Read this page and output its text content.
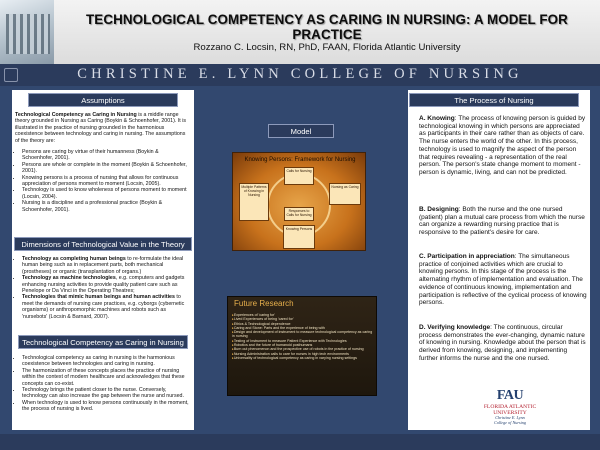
TECHNOLOGICAL COMPETENCY AS CARING IN NURSING: A MODEL FOR PRACTICE
Rozzano C. Locsin, RN, PhD, FAAN, Florida Atlantic University
CHRISTINE E. LYNN COLLEGE OF NURSING
Assumptions
Technological Competency as Caring in Nursing is a middle range theory grounded in Nursing as Caring (Boykin & Schoenhofer, 2001). It is illustrated in the practice of nursing grounded in the harmonious coexistence between technology and caring in nursing. The assumptions of the theory are:
• Persons are caring by virtue of their humanness (Boykin & Schoenhofer, 2001).
• Persons are whole or complete in the moment (Boykin & Schoenhofer, 2001).
• Knowing persons is a process of nursing that allows for continuous appreciation of persons moment to moment (Locsin, 2005).
• Technology is used to know wholeness of persons moment to moment (Locsin, 2004).
• Nursing is a discipline and a professional practice (Boykin & Schoenhofer, 2001).
Dimensions of Technological Value in the Theory
• Technology as completing human beings to re-formulate the ideal human being such as in replacement parts, both mechanical (prostheses) or organic (transplantation of organs.)
• Technology as machine technologies, e.g. computers and gadgets enhancing nursing activities to provide quality patient care such as Penelope or Da Vinci in the Operating Theatres;
• Technologies that mimic human beings and human activities to meet the demands of nursing care practices, e.g. cyborgs (cybernetic organisms) or anthropomorphic machines and robots such as 'nursebots' (Locsin & Barnard, 2007).
Technological Competency as Caring in Nursing
• Technological competency as caring in nursing is the harmonious coexistence between technologies and caring in nursing.
• The harmonization of these concepts places the practice of nursing within the context of modern healthcare and acknowledges that these concepts can co-exist.
• Technology brings the patient closer to the nurse. Conversely, technology can also increase the gap between the nurse and nursed.
• When technology is used to know persons continuously in the moment, the process of nursing is lived.
Model
Knowing Persons: Framework for Nursing
Multiple Patterns of Knowing in Nursing
Calls for Nursing
Responses to Calls for Nursing
Nursing as Caring
Knowing Persons
Future Research
▸ Experiences of 'caring for'
▸ Lived Experiences of being 'cared for'
▸ Ethics & Technological dependence
▸ Caring and Stone: Parts and the experience of being with
▸ Design and development of instrument to measure technological competency as caring in nursing
▸ Testing of Instrument to measure Patient Experience with Technologies
▸ Robotics and the future of humanoid posthumans
▸ Burn out phenomenon and the prospective use of robots in the practice of nursing
▸ Nursing Administration calls to care for nurses in high tech environments
▸ Universality of technological competency as caring in varying nursing settings
The Process of Nursing
A. Knowing: The process of knowing person is guided by technological knowing in which persons are appreciated as participants in their care rather than as objects of care. The nurse enters the world of the other. In this process, technology is used to magnify the aspect of the person that requires revealing - a representation of the real person. The person's state change moment to moment - person is dynamic, living, and can not be predicted.
B. Designing: Both the nurse and the one nursed (patient) plan a mutual care process from which the nurse can organize a rewarding nursing practice that is responsive to the patient's desire for care.
C. Participation in appreciation: The simultaneous practice of conjoined activities which are crucial to knowing persons. In this stage of the process is the alternating rhythm of implementation and evaluation. The evidence of continuous knowing, implementation and participation is reflective of the cyclical process of knowing persons.
D. Verifying knowledge: The continuous, circular process demonstrates the ever-changing, dynamic nature of knowing in nursing. Knowledge about the person that is derived from knowing, designing, and implementing further informs the nurse and the one nursed.
FAU
FLORIDA ATLANTIC UNIVERSITY
Christine E. Lynn
College of Nursing
